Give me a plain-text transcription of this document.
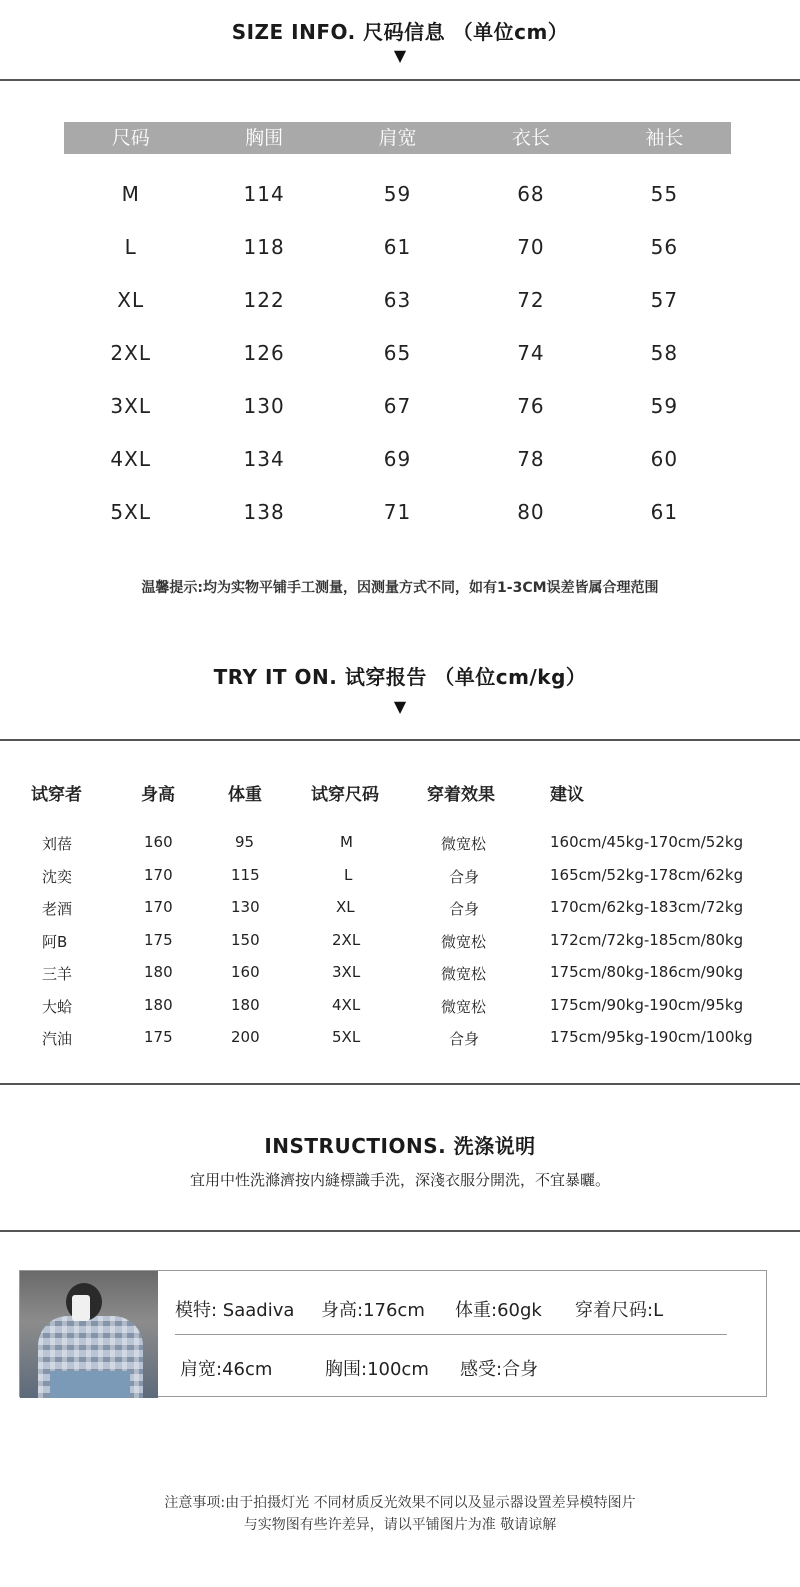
SIZE INFO. 尺码信息 （单位cm）
▼
尺码	胸围	肩宽	衣长	袖长
M	114	59	68	55
L	118	61	70	56
XL	122	63	72	57
2XL	126	65	74	58
3XL	130	67	76	59
4XL	134	69	78	60
5XL	138	71	80	61
温馨提示:均为实物平铺手工测量，因测量方式不同，如有1-3CM误差皆属合理范围
TRY IT ON. 试穿报告 （单位cm/kg）
▼
试穿者	身高	体重	试穿尺码	穿着效果	建议
刘蓓	160	95	M	微宽松	160cm/45kg-170cm/52kg
沈奕	170	115	L	合身	165cm/52kg-178cm/62kg
老酒	170	130	XL	合身	170cm/62kg-183cm/72kg
阿B	175	150	2XL	微宽松	172cm/72kg-185cm/80kg
三羊	180	160	3XL	微宽松	175cm/80kg-186cm/90kg
大蛤	180	180	4XL	微宽松	175cm/90kg-190cm/95kg
汽油	175	200	5XL	合身	175cm/95kg-190cm/100kg
INSTRUCTIONS. 洗涤说明
宜用中性洗滌濟按内縫標識手洗，深淺衣服分開洗，不宜暴曬。
模特: Saadiva 身高:176cm 体重:60gk 穿着尺码:L
肩宽:46cm	胸围:100cm 感受:合身
注意事项:由于拍摄灯光 不同材质反光效果不同以及显示器设置差异模特图片
与实物图有些许差异，请以平铺图片为准 敬请谅解
